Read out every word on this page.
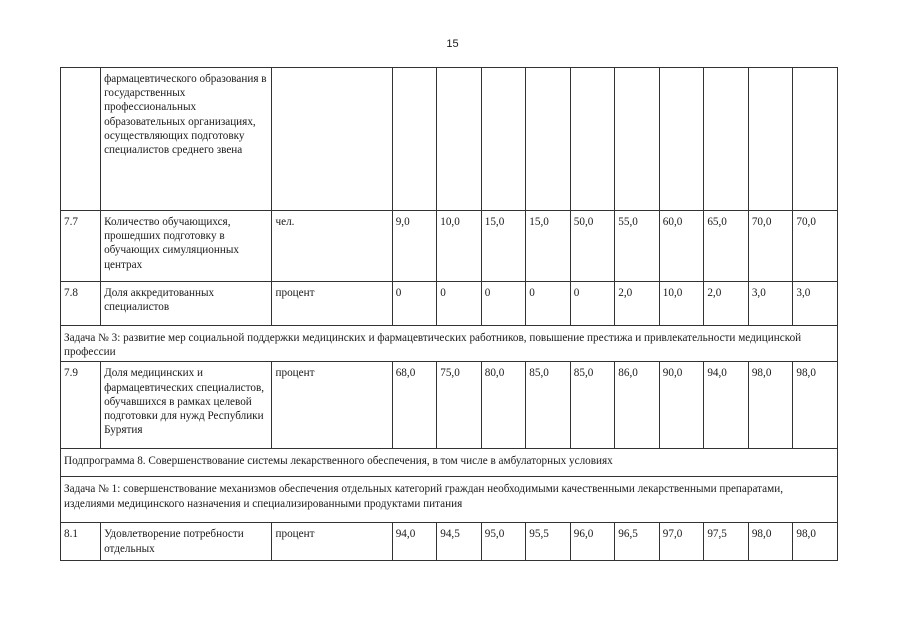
15
	фармацевтического образования в государственных профессиональных образовательных организациях, осуществляющих подготовку специалистов среднего звена											
7.7	Количество обучающихся, прошедших подготовку в обучающих симуляционных центрах	чел.	9,0	10,0	15,0	15,0	50,0	55,0	60,0	65,0	70,0	70,0
7.8	Доля аккредитованных специалистов	процент	0	0	0	0	0	2,0	10,0	2,0	3,0	3,0
Задача № 3: развитие мер социальной поддержки медицинских и фармацевтических работников, повышение престижа и привлекательности медицинской профессии												
7.9	Доля медицинских и фармацевтических специалистов, обучавшихся в рамках целевой подготовки для нужд Республики Бурятия	процент	68,0	75,0	80,0	85,0	85,0	86,0	90,0	94,0	98,0	98,0
Подпрограмма 8. Совершенствование системы лекарственного обеспечения, в том числе в амбулаторных условиях												
Задача № 1: совершенствование механизмов обеспечения отдельных категорий граждан необходимыми качественными лекарственными препаратами, изделиями медицинского назначения и специализированными продуктами питания												
8.1	Удовлетворение потребности отдельных	процент	94,0	94,5	95,0	95,5	96,0	96,5	97,0	97,5	98,0	98,0
